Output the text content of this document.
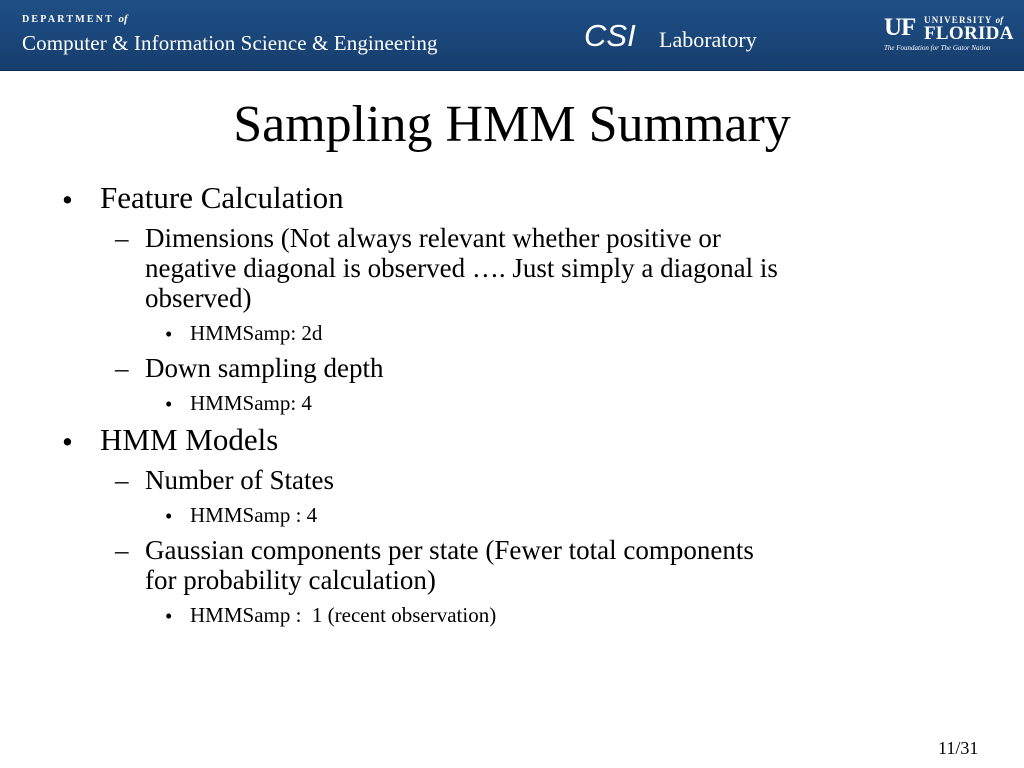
DEPARTMENT of
Computer & Information Science & Engineering	CSI Laboratory	UF UNIVERSITY of
FLORIDA
The Foundation for The Gator Nation
Sampling HMM Summary
• Feature Calculation
– Dimensions (Not always relevant whether positive or
negative diagonal is observed …. Just simply a diagonal is
observed)
• HMMSamp: 2d
– Down sampling depth
• HMMSamp: 4
• HMM Models
– Number of States
• HMMSamp : 4
– Gaussian components per state (Fewer total components
for probability calculation)
• HMMSamp :  1 (recent observation)
11/31
